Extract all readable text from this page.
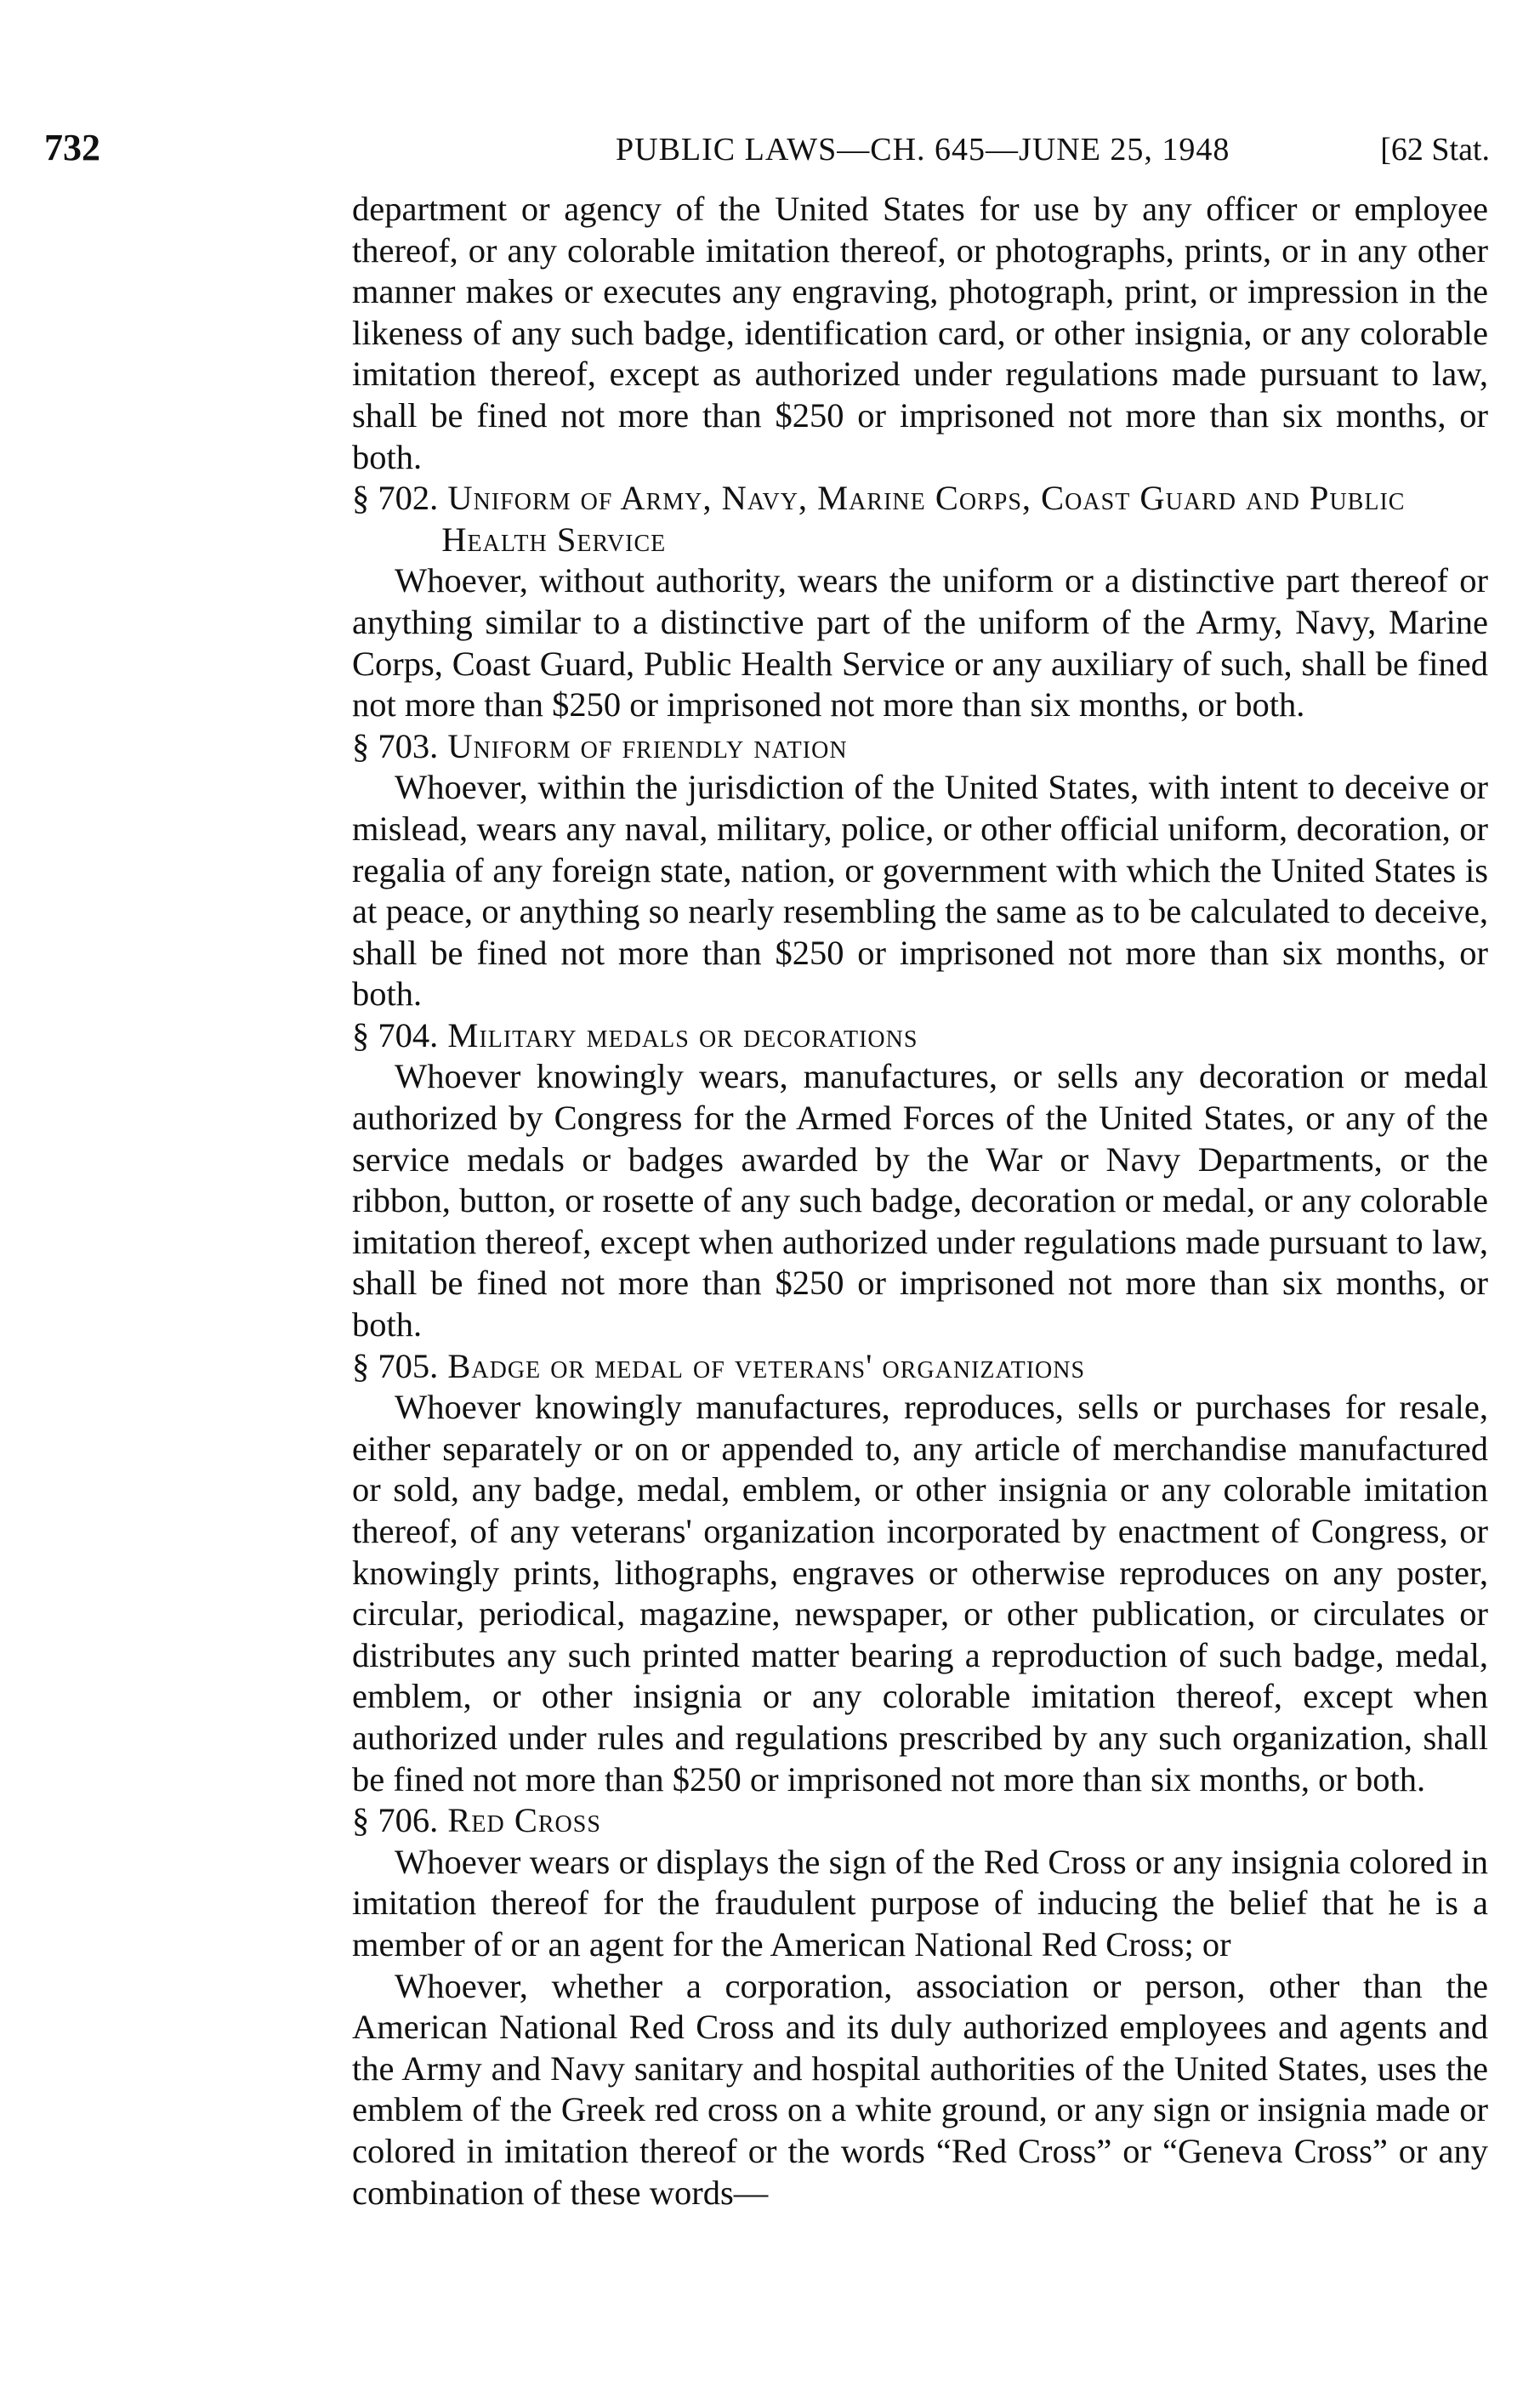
732	PUBLIC LAWS—CH. 645—JUNE 25, 1948	[62 Stat.

department or agency of the United States for use by any officer or employee thereof, or any colorable imitation thereof, or photographs, prints, or in any other manner makes or executes any engraving, photograph, print, or impression in the likeness of any such badge, identification card, or other insignia, or any colorable imitation thereof, except as authorized under regulations made pursuant to law, shall be fined not more than $250 or imprisoned not more than six months, or both.

§ 702. Uniform of Army, Navy, Marine Corps, Coast Guard and Public Health Service

Whoever, without authority, wears the uniform or a distinctive part thereof or anything similar to a distinctive part of the uniform of the Army, Navy, Marine Corps, Coast Guard, Public Health Service or any auxiliary of such, shall be fined not more than $250 or imprisoned not more than six months, or both.

§ 703. Uniform of friendly nation

Whoever, within the jurisdiction of the United States, with intent to deceive or mislead, wears any naval, military, police, or other official uniform, decoration, or regalia of any foreign state, nation, or government with which the United States is at peace, or anything so nearly resembling the same as to be calculated to deceive, shall be fined not more than $250 or imprisoned not more than six months, or both.

§ 704. Military medals or decorations

Whoever knowingly wears, manufactures, or sells any decoration or medal authorized by Congress for the Armed Forces of the United States, or any of the service medals or badges awarded by the War or Navy Departments, or the ribbon, button, or rosette of any such badge, decoration or medal, or any colorable imitation thereof, except when authorized under regulations made pursuant to law, shall be fined not more than $250 or imprisoned not more than six months, or both.

§ 705. Badge or medal of veterans' organizations

Whoever knowingly manufactures, reproduces, sells or purchases for resale, either separately or on or appended to, any article of merchandise manufactured or sold, any badge, medal, emblem, or other insignia or any colorable imitation thereof, of any veterans' organization incorporated by enactment of Congress, or knowingly prints, lithographs, engraves or otherwise reproduces on any poster, circular, periodical, magazine, newspaper, or other publication, or circulates or distributes any such printed matter bearing a reproduction of such badge, medal, emblem, or other insignia or any colorable imitation thereof, except when authorized under rules and regulations prescribed by any such organization, shall be fined not more than $250 or imprisoned not more than six months, or both.

§ 706. Red Cross

Whoever wears or displays the sign of the Red Cross or any insignia colored in imitation thereof for the fraudulent purpose of inducing the belief that he is a member of or an agent for the American National Red Cross; or

Whoever, whether a corporation, association or person, other than the American National Red Cross and its duly authorized employees and agents and the Army and Navy sanitary and hospital authorities of the United States, uses the emblem of the Greek red cross on a white ground, or any sign or insignia made or colored in imitation thereof or the words “Red Cross” or “Geneva Cross” or any combination of these words—
